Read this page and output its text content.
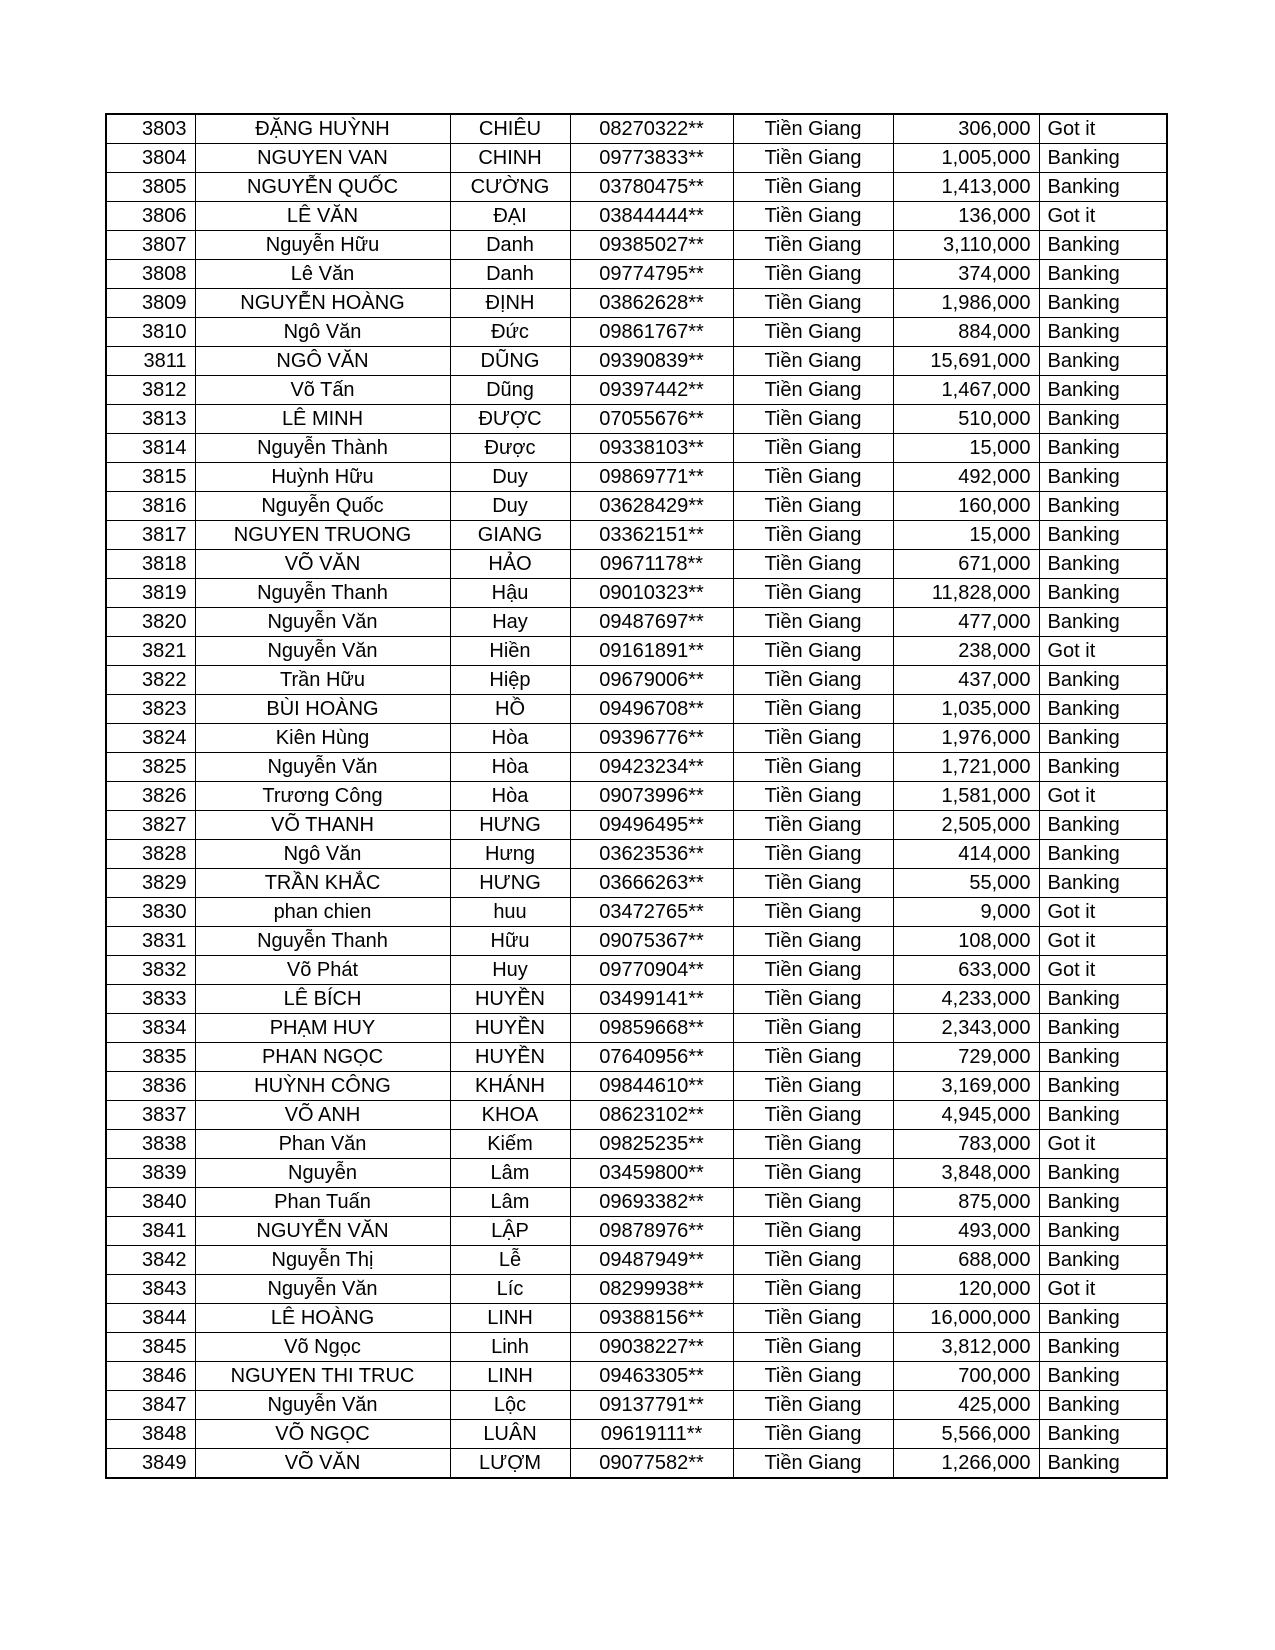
3803	ĐẶNG HUỲNH	CHIÊU	08270322**	Tiền Giang	306,000	Got it
3804	NGUYEN VAN	CHINH	09773833**	Tiền Giang	1,005,000	Banking
3805	NGUYỄN QUỐC	CƯỜNG	03780475**	Tiền Giang	1,413,000	Banking
3806	LÊ VĂN	ĐẠI	03844444**	Tiền Giang	136,000	Got it
3807	Nguyễn Hữu	Danh	09385027**	Tiền Giang	3,110,000	Banking
3808	Lê Văn	Danh	09774795**	Tiền Giang	374,000	Banking
3809	NGUYỄN HOÀNG	ĐỊNH	03862628**	Tiền Giang	1,986,000	Banking
3810	Ngô Văn	Đức	09861767**	Tiền Giang	884,000	Banking
3811	NGÔ VĂN	DŨNG	09390839**	Tiền Giang	15,691,000	Banking
3812	Võ Tấn	Dũng	09397442**	Tiền Giang	1,467,000	Banking
3813	LÊ MINH	ĐƯỢC	07055676**	Tiền Giang	510,000	Banking
3814	Nguyễn Thành	Được	09338103**	Tiền Giang	15,000	Banking
3815	Huỳnh Hữu	Duy	09869771**	Tiền Giang	492,000	Banking
3816	Nguyễn Quốc	Duy	03628429**	Tiền Giang	160,000	Banking
3817	NGUYEN TRUONG	GIANG	03362151**	Tiền Giang	15,000	Banking
3818	VÕ VĂN	HẢO	09671178**	Tiền Giang	671,000	Banking
3819	Nguyễn Thanh	Hậu	09010323**	Tiền Giang	11,828,000	Banking
3820	Nguyễn Văn	Hay	09487697**	Tiền Giang	477,000	Banking
3821	Nguyễn Văn	Hiền	09161891**	Tiền Giang	238,000	Got it
3822	Trần Hữu	Hiệp	09679006**	Tiền Giang	437,000	Banking
3823	BÙI HOÀNG	HỒ	09496708**	Tiền Giang	1,035,000	Banking
3824	Kiên Hùng	Hòa	09396776**	Tiền Giang	1,976,000	Banking
3825	Nguyễn Văn	Hòa	09423234**	Tiền Giang	1,721,000	Banking
3826	Trương Công	Hòa	09073996**	Tiền Giang	1,581,000	Got it
3827	VÕ THANH	HƯNG	09496495**	Tiền Giang	2,505,000	Banking
3828	Ngô Văn	Hưng	03623536**	Tiền Giang	414,000	Banking
3829	TRẦN KHẮC	HƯNG	03666263**	Tiền Giang	55,000	Banking
3830	phan chien	huu	03472765**	Tiền Giang	9,000	Got it
3831	Nguyễn Thanh	Hữu	09075367**	Tiền Giang	108,000	Got it
3832	Võ Phát	Huy	09770904**	Tiền Giang	633,000	Got it
3833	LÊ BÍCH	HUYỀN	03499141**	Tiền Giang	4,233,000	Banking
3834	PHẠM HUY	HUYỀN	09859668**	Tiền Giang	2,343,000	Banking
3835	PHAN NGỌC	HUYỀN	07640956**	Tiền Giang	729,000	Banking
3836	HUỲNH CÔNG	KHÁNH	09844610**	Tiền Giang	3,169,000	Banking
3837	VÕ ANH	KHOA	08623102**	Tiền Giang	4,945,000	Banking
3838	Phan Văn	Kiếm	09825235**	Tiền Giang	783,000	Got it
3839	Nguyễn	Lâm	03459800**	Tiền Giang	3,848,000	Banking
3840	Phan Tuấn	Lâm	09693382**	Tiền Giang	875,000	Banking
3841	NGUYỄN VĂN	LẬP	09878976**	Tiền Giang	493,000	Banking
3842	Nguyễn Thị	Lễ	09487949**	Tiền Giang	688,000	Banking
3843	Nguyễn Văn	Líc	08299938**	Tiền Giang	120,000	Got it
3844	LÊ HOÀNG	LINH	09388156**	Tiền Giang	16,000,000	Banking
3845	Võ Ngọc	Linh	09038227**	Tiền Giang	3,812,000	Banking
3846	NGUYEN THI TRUC	LINH	09463305**	Tiền Giang	700,000	Banking
3847	Nguyễn Văn	Lộc	09137791**	Tiền Giang	425,000	Banking
3848	VÕ NGỌC	LUÂN	09619111**	Tiền Giang	5,566,000	Banking
3849	VÕ VĂN	LƯỢM	09077582**	Tiền Giang	1,266,000	Banking
